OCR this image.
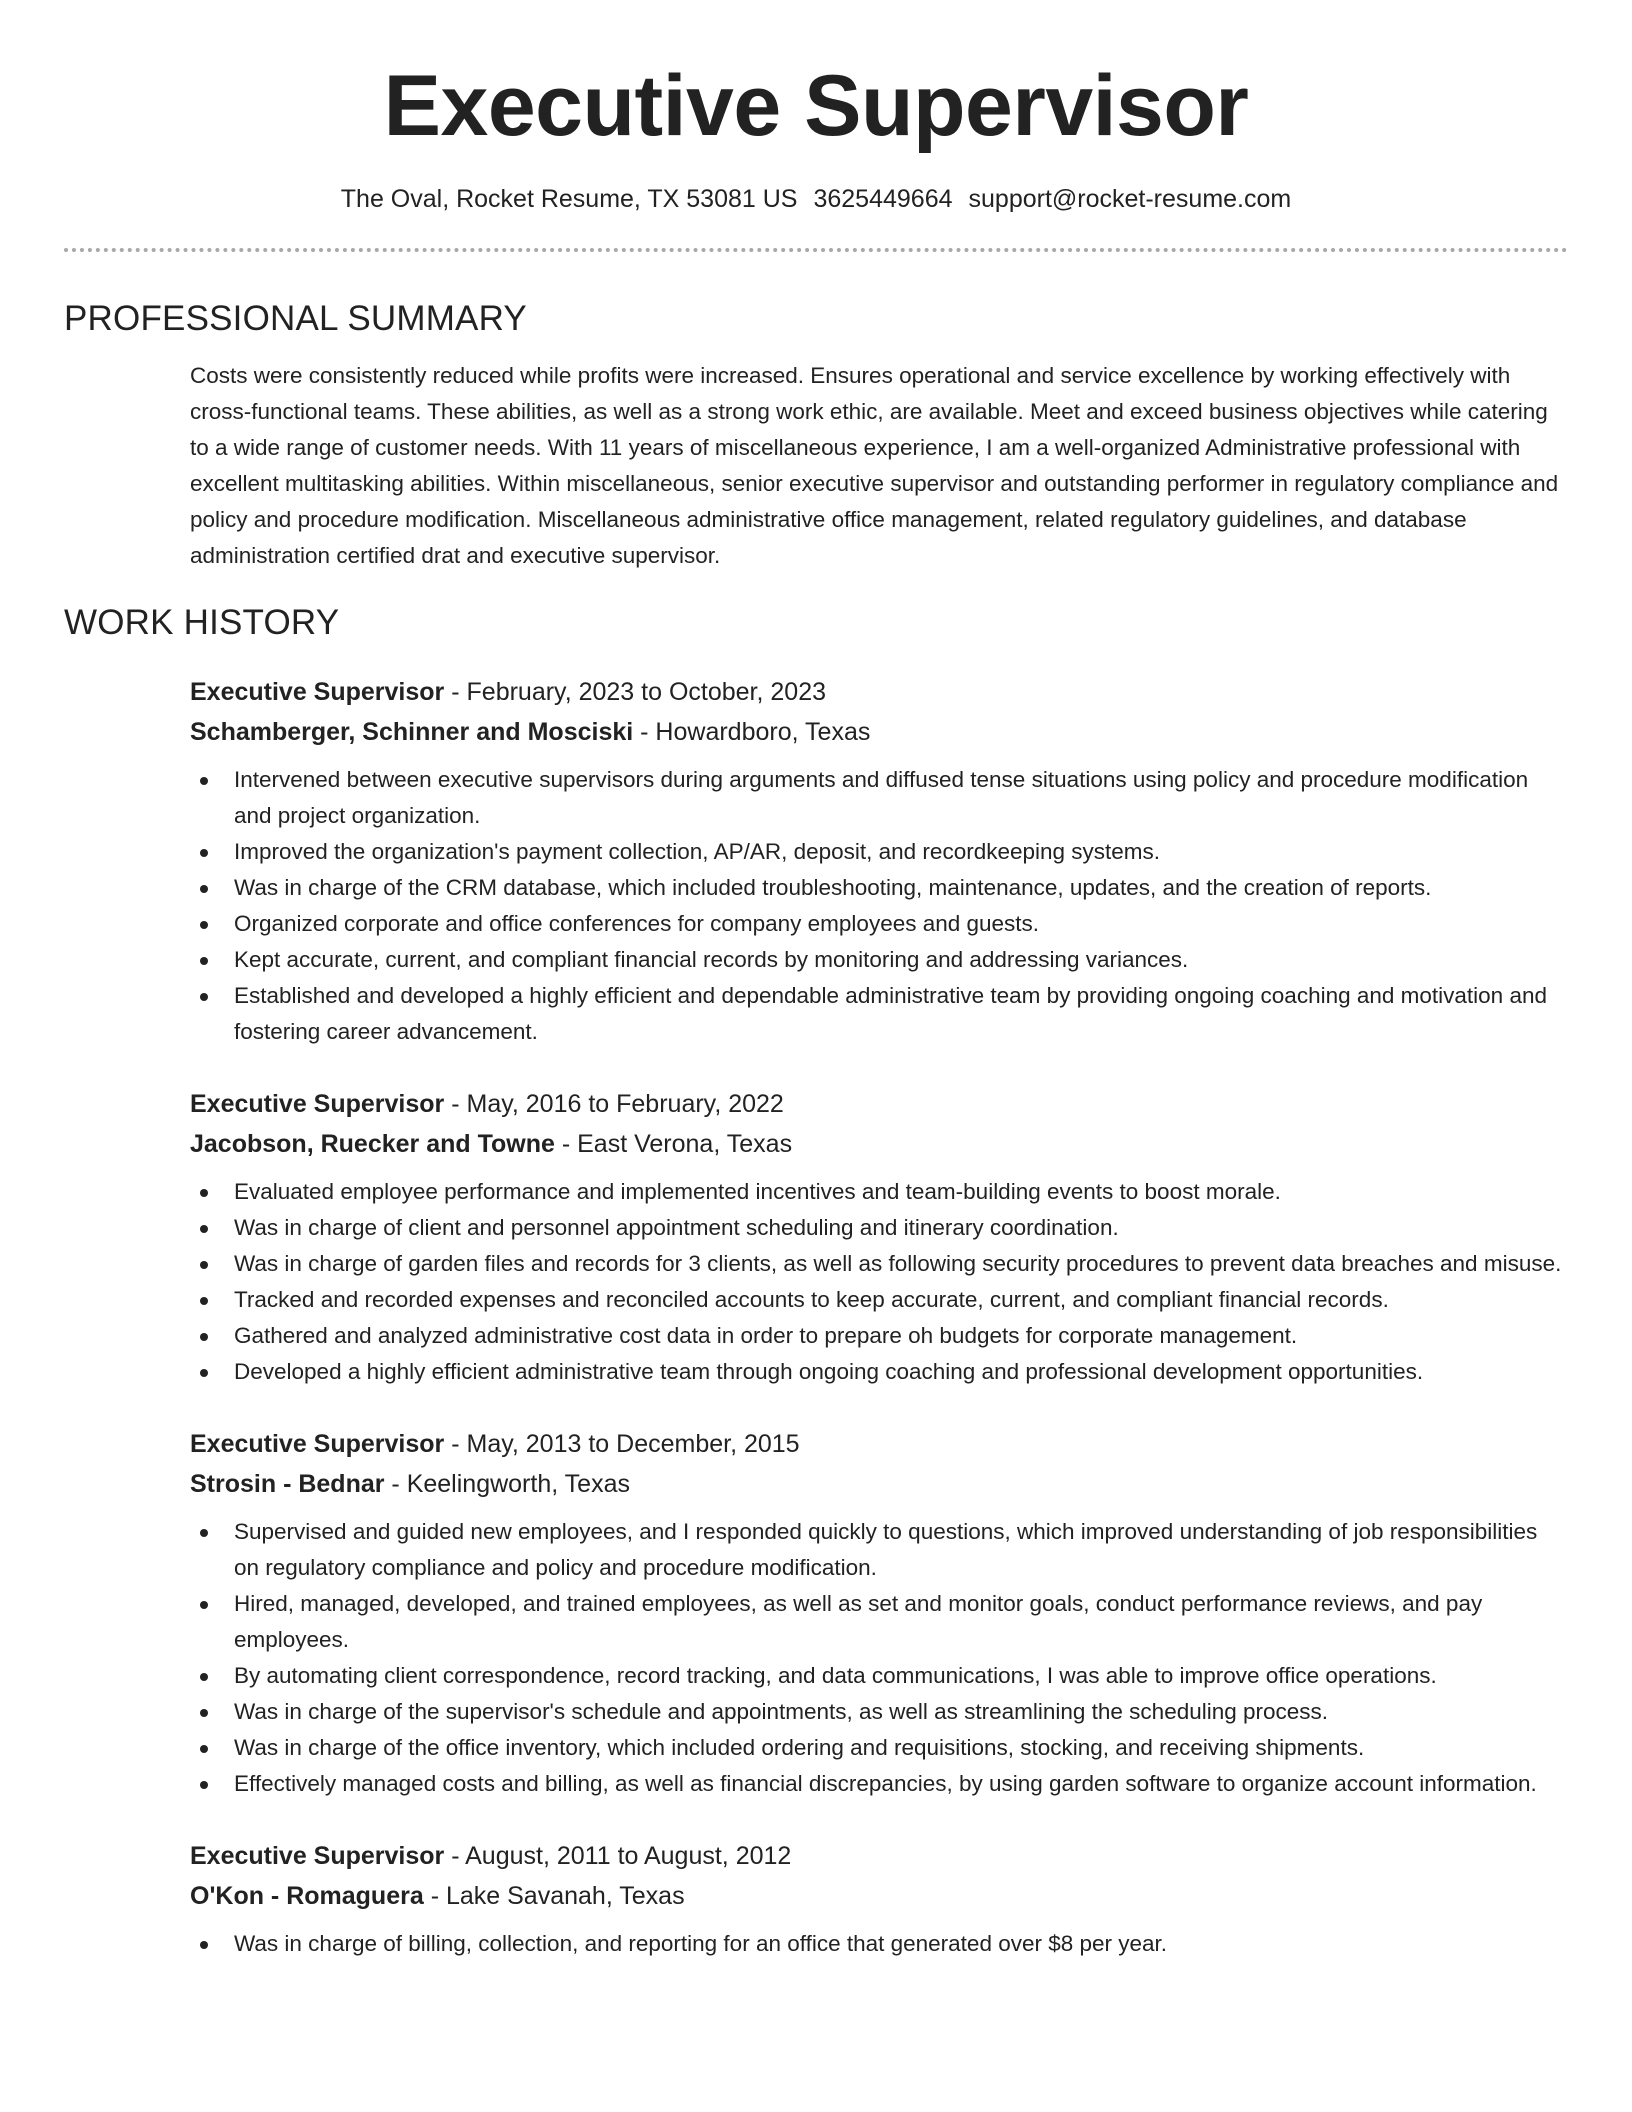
Executive Supervisor
The Oval, Rocket Resume, TX 53081 US 3625449664 support@rocket-resume.com
PROFESSIONAL SUMMARY
Costs were consistently reduced while profits were increased. Ensures operational and service excellence by working effectively with cross-functional teams. These abilities, as well as a strong work ethic, are available. Meet and exceed business objectives while catering to a wide range of customer needs. With 11 years of miscellaneous experience, I am a well-organized Administrative professional with excellent multitasking abilities. Within miscellaneous, senior executive supervisor and outstanding performer in regulatory compliance and policy and procedure modification. Miscellaneous administrative office management, related regulatory guidelines, and database administration certified drat and executive supervisor.
WORK HISTORY
Executive Supervisor - February, 2023 to October, 2023
Schamberger, Schinner and Mosciski - Howardboro, Texas
Intervened between executive supervisors during arguments and diffused tense situations using policy and procedure modification and project organization.
Improved the organization's payment collection, AP/AR, deposit, and recordkeeping systems.
Was in charge of the CRM database, which included troubleshooting, maintenance, updates, and the creation of reports.
Organized corporate and office conferences for company employees and guests.
Kept accurate, current, and compliant financial records by monitoring and addressing variances.
Established and developed a highly efficient and dependable administrative team by providing ongoing coaching and motivation and fostering career advancement.
Executive Supervisor - May, 2016 to February, 2022
Jacobson, Ruecker and Towne - East Verona, Texas
Evaluated employee performance and implemented incentives and team-building events to boost morale.
Was in charge of client and personnel appointment scheduling and itinerary coordination.
Was in charge of garden files and records for 3 clients, as well as following security procedures to prevent data breaches and misuse.
Tracked and recorded expenses and reconciled accounts to keep accurate, current, and compliant financial records.
Gathered and analyzed administrative cost data in order to prepare oh budgets for corporate management.
Developed a highly efficient administrative team through ongoing coaching and professional development opportunities.
Executive Supervisor - May, 2013 to December, 2015
Strosin - Bednar - Keelingworth, Texas
Supervised and guided new employees, and I responded quickly to questions, which improved understanding of job responsibilities on regulatory compliance and policy and procedure modification.
Hired, managed, developed, and trained employees, as well as set and monitor goals, conduct performance reviews, and pay employees.
By automating client correspondence, record tracking, and data communications, I was able to improve office operations.
Was in charge of the supervisor's schedule and appointments, as well as streamlining the scheduling process.
Was in charge of the office inventory, which included ordering and requisitions, stocking, and receiving shipments.
Effectively managed costs and billing, as well as financial discrepancies, by using garden software to organize account information.
Executive Supervisor - August, 2011 to August, 2012
O'Kon - Romaguera - Lake Savanah, Texas
Was in charge of billing, collection, and reporting for an office that generated over $8 per year.
